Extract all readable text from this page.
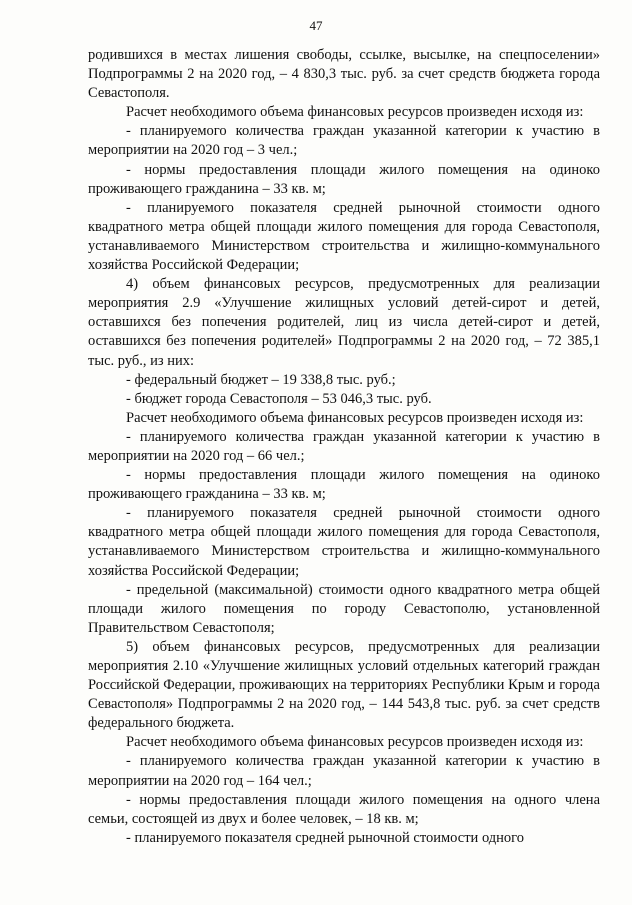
47

родившихся в местах лишения свободы, ссылке, высылке, на спецпоселении» Подпрограммы 2 на 2020 год, – 4 830,3 тыс. руб. за счет средств бюджета города Севастополя.

Расчет необходимого объема финансовых ресурсов произведен исходя из:

- планируемого количества граждан указанной категории к участию в мероприятии на 2020 год – 3 чел.;

- нормы предоставления площади жилого помещения на одиноко проживающего гражданина – 33 кв. м;

- планируемого показателя средней рыночной стоимости одного квадратного метра общей площади жилого помещения для города Севастополя, устанавливаемого Министерством строительства и жилищно-коммунального хозяйства Российской Федерации;

4) объем финансовых ресурсов, предусмотренных для реализации мероприятия 2.9 «Улучшение жилищных условий детей-сирот и детей, оставшихся без попечения родителей, лиц из числа детей-сирот и детей, оставшихся без попечения родителей» Подпрограммы 2 на 2020 год, – 72 385,1 тыс. руб., из них:

- федеральный бюджет – 19 338,8 тыс. руб.;

- бюджет города Севастополя – 53 046,3 тыс. руб.

Расчет необходимого объема финансовых ресурсов произведен исходя из:

- планируемого количества граждан указанной категории к участию в мероприятии на 2020 год – 66 чел.;

- нормы предоставления площади жилого помещения на одиноко проживающего гражданина – 33 кв. м;

- планируемого показателя средней рыночной стоимости одного квадратного метра общей площади жилого помещения для города Севастополя, устанавливаемого Министерством строительства и жилищно-коммунального хозяйства Российской Федерации;

- предельной (максимальной) стоимости одного квадратного метра общей площади жилого помещения по городу Севастополю, установленной Правительством Севастополя;

5) объем финансовых ресурсов, предусмотренных для реализации мероприятия 2.10 «Улучшение жилищных условий отдельных категорий граждан Российской Федерации, проживающих на территориях Республики Крым и города Севастополя» Подпрограммы 2 на 2020 год, – 144 543,8 тыс. руб. за счет средств федерального бюджета.

Расчет необходимого объема финансовых ресурсов произведен исходя из:

- планируемого количества граждан указанной категории к участию в мероприятии на 2020 год – 164 чел.;

- нормы предоставления площади жилого помещения на одного члена семьи, состоящей из двух и более человек, – 18 кв. м;

- планируемого показателя средней рыночной стоимости одного
